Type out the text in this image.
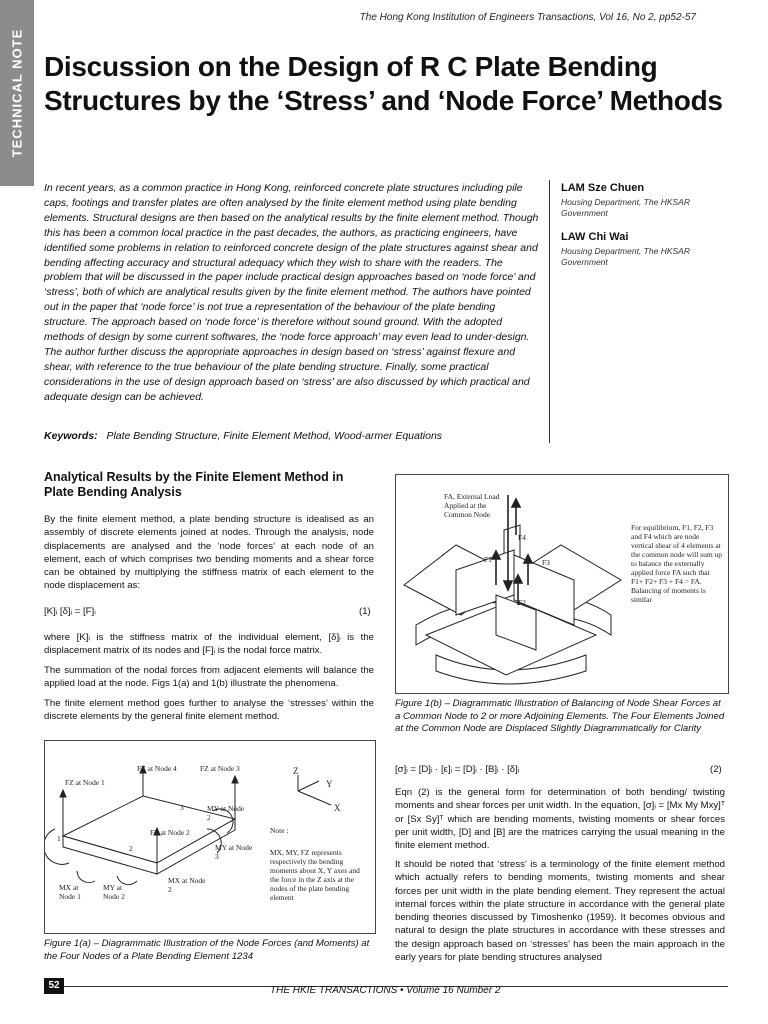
TECHNICAL NOTE
The Hong Kong Institution of Engineers Transactions, Vol 16, No 2, pp52-57
Discussion on the Design of R C Plate Bending Structures by the ‘Stress’ and ‘Node Force’ Methods
In recent years, as a common practice in Hong Kong, reinforced concrete plate structures including pile caps, footings and transfer plates are often analysed by the finite element method using plate bending elements. Structural designs are then based on the analytical results by the finite element method. Though this has been a common local practice in the past decades, the authors, as practicing engineers, have identified some problems in relation to reinforced concrete design of the plate structures against shear and bending affecting accuracy and structural adequacy which they wish to share with the readers. The problem that will be discussed in the paper include practical design approaches based on ‘node force’ and ‘stress’, both of which are analytical results given by the finite element method. The authors have pointed out in the paper that ‘node force’ is not true a representation of the behaviour of the plate bending structure. The approach based on ‘node force’ is therefore without sound ground. With the adopted methods of design by some current softwares, the ‘node force approach’ may even lead to under-design. The author further discuss the appropriate approaches in design based on ‘stress’ against flexure and shear, with reference to the true behaviour of the plate bending structure. Finally, some practical considerations in the use of design approach based on ‘stress’ are also discussed by which practical and adequate design can be achieved.
Keywords: Plate Bending Structure, Finite Element Method, Wood-armer Equations
LAM Sze Chuen
Housing Department, The HKSAR Government
LAW Chi Wai
Housing Department, The HKSAR Government
Analytical Results by the Finite Element Method in Plate Bending Analysis
By the finite element method, a plate bending structure is idealised as an assembly of discrete elements joined at nodes. Through the analysis, node displacements are analysed and the ‘node forces’ at each node of an element, each of which comprises two bending moments and a shear force can be obtained by multiplying the stiffness matrix of each element to the node displacement as:
[K]ᵢ [δ]ᵢ = [F]ᵢ	(1)
where [K]ᵢ is the stiffness matrix of the individual element, [δ]ᵢ is the displacement matrix of its nodes and [F]ᵢ is the nodal force matrix.
The summation of the nodal forces from adjacent elements will balance the applied load at the node. Figs 1(a) and 1(b) illustrate the phenomena.
The finite element method goes further to analyse the ‘stresses’ within the discrete elements by the general finite element method.
FZ at Node 1
FZ at Node 4	FZ at Node 3
FZ at Node 2
MY at Node 2
MY at Node 3
MX at Node 2
MX at Node 1
MY at Node 2
1
2
3
Z
Y
X
Note :
MX, MY, FZ represents respectively the bending moments about X, Y axes and the force in the Z axis at the nodes of the plate bending element
Figure 1(a) – Diagrammatic Illustration of the Node Forces (and Moments) at the Four Nodes of a Plate Bending Element 1234
FA, External Load Applied at the Common Node
F4
F1	F3
F2
For equilibrium, F1, F2, F3 and F4 which are node vertical shear of 4 elements at the common node will sum up to balance the externally applied force FA such that F1+ F2+ F3 + F4 = FA. Balancing of moments is similar
Figure 1(b) – Diagrammatic Illustration of Balancing of Node Shear Forces at a Common Node to 2 or more Adjoining Elements. The Four Elements Joined at the Common Node are Displaced Slightly Diagrammatically for Clarity
[σ]ᵢ = [D]ᵢ · [ε]ᵢ = [D]ᵢ · [B]ᵢ · [δ]ᵢ	(2)
Eqn (2) is the general form for determination of both bending/ twisting moments and shear forces per unit width. In the equation, [σ]ᵢ = [Mx My Mxy]ᵀ or [Sx Sy]ᵀ which are bending moments, twisting moments or shear forces per unit width, [D] and [B] are the matrices carrying the usual meaning in the finite element method.
It should be noted that ‘stress’ is a terminology of the finite element method which actually refers to bending moments, twisting moments and shear forces per unit width in the plate bending element. They represent the actual internal forces within the plate structure in accordance with the general plate bending theories discussed by Timoshenko (1959). It becomes obvious and natural to design the plate structures in accordance with these stresses and the design approach based on ‘stresses’ has been the main approach in the early years for plate bending structures analysed
52	THE HKIE TRANSACTIONS • Volume 16 Number 2
